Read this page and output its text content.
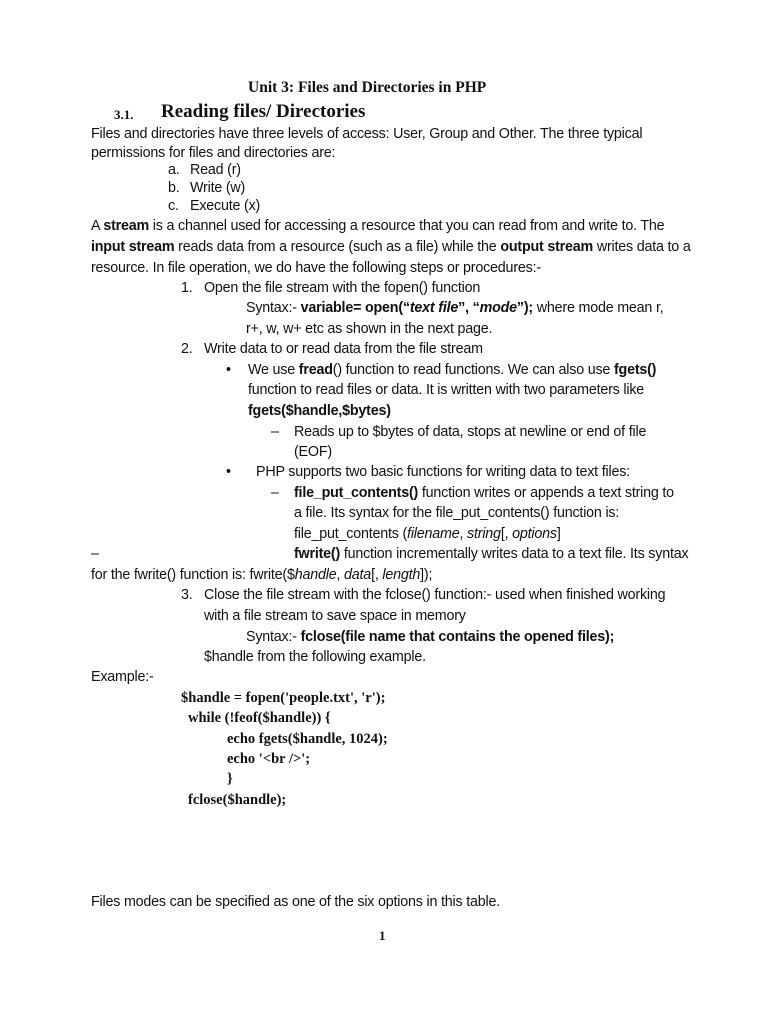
Unit 3: Files and Directories in PHP
3.1. Reading files/ Directories
Files and directories have three levels of access: User, Group and Other. The three typical
permissions for files and directories are:
a. Read (r)
b. Write (w)
c. Execute (x)
A stream is a channel used for accessing a resource that you can read from and write to. The
input stream reads data from a resource (such as a file) while the output stream writes data to a
resource. In file operation, we do have the following steps or procedures:-
1. Open the file stream with the fopen() function
Syntax:- variable= open(“text file”, “mode”); where mode mean r,
r+, w, w+ etc as shown in the next page.
2. Write data to or read data from the file stream
• We use fread() function to read functions. We can also use fgets()
function to read files or data. It is written with two parameters like
fgets($handle,$bytes)
– Reads up to $bytes of data, stops at newline or end of file
(EOF)
• PHP supports two basic functions for writing data to text files:
– file_put_contents() function writes or appends a text string to
a file. Its syntax for the file_put_contents() function is:
file_put_contents (filename, string[, options]
–	fwrite() function incrementally writes data to a text file. Its syntax
for the fwrite() function is: fwrite($handle, data[, length]);
3. Close the file stream with the fclose() function:- used when finished working
with a file stream to save space in memory
Syntax:- fclose(file name that contains the opened files);
$handle from the following example.
Example:-
$handle = fopen('people.txt', 'r');
while (!feof($handle)) {
echo fgets($handle, 1024);
echo '<br />';
}
fclose($handle);
Files modes can be specified as one of the six options in this table.
1
